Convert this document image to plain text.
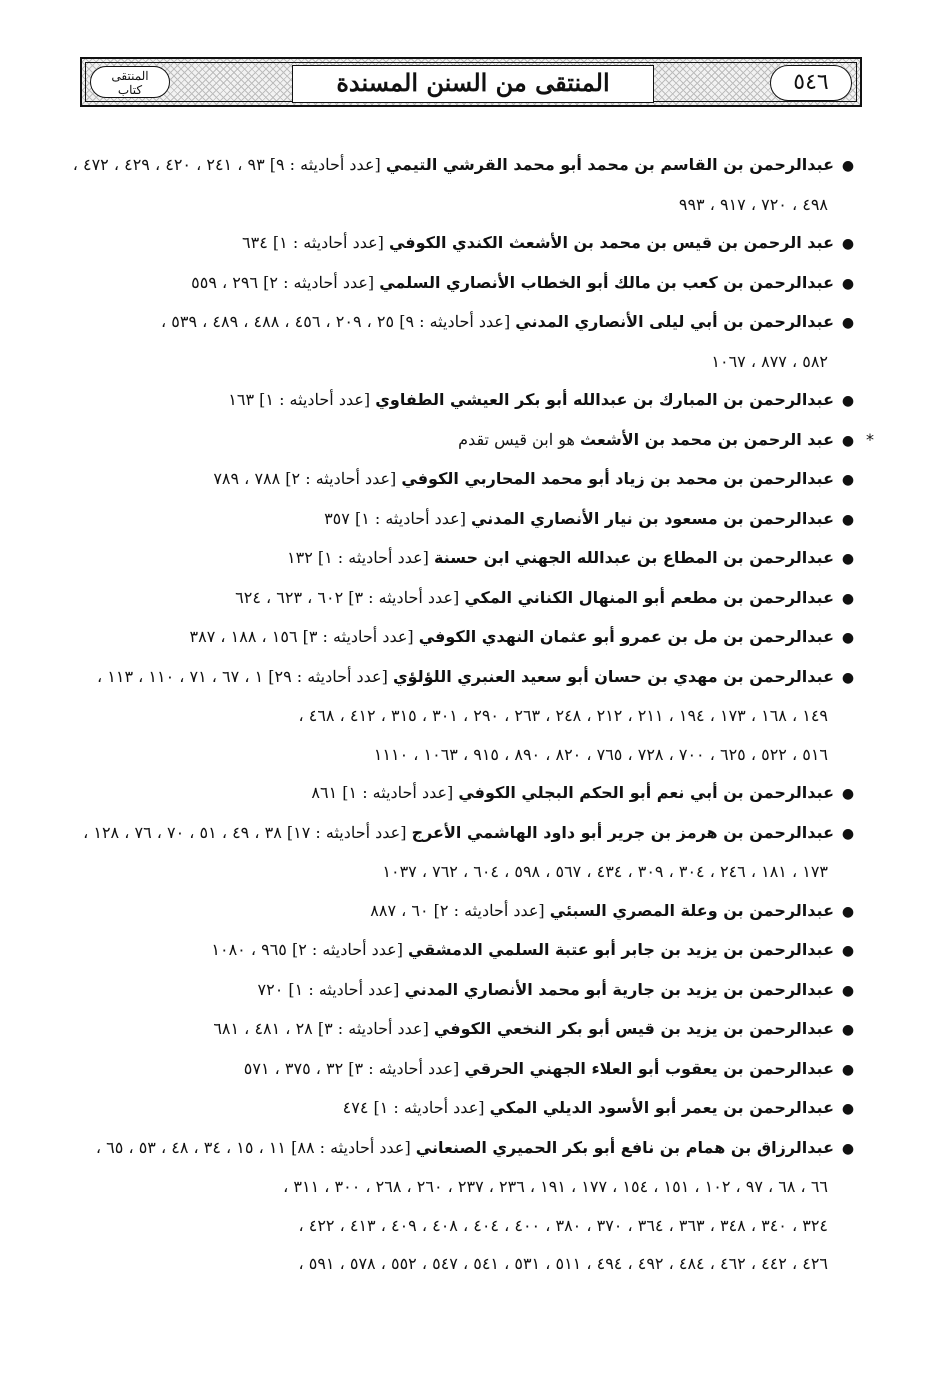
المنتقى
كتاب	المنتقى من السنن المسندة	٥٤٦
●عبدالرحمن بن القاسم بن محمد أبو محمد القرشي التيمي [عدد أحاديثه : ٩] ٩٣ ، ٢٤١ ، ٤٢٠ ، ٤٢٩ ، ٤٧٢ ،
٤٩٨ ، ٧٢٠ ، ٩١٧ ، ٩٩٣
●عبد الرحمن بن قيس بن محمد بن الأشعث الكندي الكوفي [عدد أحاديثه : ١] ٦٣٤
●عبدالرحمن بن كعب بن مالك أبو الخطاب الأنصاري السلمي [عدد أحاديثه : ٢] ٢٩٦ ، ٥٥٩
●عبدالرحمن بن أبي ليلى الأنصاري المدني [عدد أحاديثه : ٩] ٢٥ ، ٢٠٩ ، ٤٥٦ ، ٤٨٨ ، ٤٨٩ ، ٥٣٩ ،
٥٨٢ ، ٨٧٧ ، ١٠٦٧
●عبدالرحمن بن المبارك بن عبدالله أبو بكر العيشي الطفاوي [عدد أحاديثه : ١] ١٦٣
*
●عبد الرحمن بن محمد بن الأشعث هو ابن قيس تقدم
●عبدالرحمن بن محمد بن زياد أبو محمد المحاربي الكوفي [عدد أحاديثه : ٢] ٧٨٨ ، ٧٨٩
●عبدالرحمن بن مسعود بن نيار الأنصاري المدني [عدد أحاديثه : ١] ٣٥٧
●عبدالرحمن بن المطاع بن عبدالله الجهني ابن حسنة [عدد أحاديثه : ١] ١٣٢
●عبدالرحمن بن مطعم أبو المنهال الكناني المكي [عدد أحاديثه : ٣] ٦٠٢ ، ٦٢٣ ، ٦٢٤
●عبدالرحمن بن مل بن عمرو أبو عثمان النهدي الكوفي [عدد أحاديثه : ٣] ١٥٦ ، ١٨٨ ، ٣٨٧
●عبدالرحمن بن مهدي بن حسان أبو سعيد العنبري اللؤلؤي [عدد أحاديثه : ٢٩] ١ ، ٦٧ ، ٧١ ، ١١٠ ، ١١٣ ،
١٤٩ ، ١٦٨ ، ١٧٣ ، ١٩٤ ، ٢١١ ، ٢١٢ ، ٢٤٨ ، ٢٦٣ ، ٢٩٠ ، ٣٠١ ، ٣١٥ ، ٤١٢ ، ٤٦٨ ،
٥١٦ ، ٥٢٢ ، ٦٢٥ ، ٧٠٠ ، ٧٢٨ ، ٧٦٥ ، ٨٢٠ ، ٨٩٠ ، ٩١٥ ، ١٠٦٣ ، ١١١٠
●عبدالرحمن بن أبي نعم أبو الحكم البجلي الكوفي [عدد أحاديثه : ١] ٨٦١
●عبدالرحمن بن هرمز بن جرير أبو داود الهاشمي الأعرج [عدد أحاديثه : ١٧] ٣٨ ، ٤٩ ، ٥١ ، ٧٠ ، ٧٦ ، ١٢٨ ،
١٧٣ ، ١٨١ ، ٢٤٦ ، ٣٠٤ ، ٣٠٩ ، ٤٣٤ ، ٥٦٧ ، ٥٩٨ ، ٦٠٤ ، ٧٦٢ ، ١٠٣٧
●عبدالرحمن بن وعلة المصري السبئي [عدد أحاديثه : ٢] ٦٠ ، ٨٨٧
●عبدالرحمن بن يزيد بن جابر أبو عتبة السلمي الدمشقي [عدد أحاديثه : ٢] ٩٦٥ ، ١٠٨٠
●عبدالرحمن بن يزيد بن جارية أبو محمد الأنصاري المدني [عدد أحاديثه : ١] ٧٢٠
●عبدالرحمن بن يزيد بن قيس أبو بكر النخعي الكوفي [عدد أحاديثه : ٣] ٢٨ ، ٤٨١ ، ٦٨١
●عبدالرحمن بن يعقوب أبو العلاء الجهني الحرقي [عدد أحاديثه : ٣] ٣٢ ، ٣٧٥ ، ٥٧١
●عبدالرحمن بن يعمر أبو الأسود الديلي المكي [عدد أحاديثه : ١] ٤٧٤
●عبدالرزاق بن همام بن نافع أبو بكر الحميري الصنعاني [عدد أحاديثه : ٨٨] ١١ ، ١٥ ، ٣٤ ، ٤٨ ، ٥٣ ، ٦٥ ،
٦٦ ، ٦٨ ، ٩٧ ، ١٠٢ ، ١٥١ ، ١٥٤ ، ١٧٧ ، ١٩١ ، ٢٣٦ ، ٢٣٧ ، ٢٦٠ ، ٢٦٨ ، ٣٠٠ ، ٣١١ ،
٣٢٤ ، ٣٤٠ ، ٣٤٨ ، ٣٦٣ ، ٣٦٤ ، ٣٧٠ ، ٣٨٠ ، ٤٠٠ ، ٤٠٤ ، ٤٠٨ ، ٤٠٩ ، ٤١٣ ، ٤٢٢ ،
٤٢٦ ، ٤٤٢ ، ٤٦٢ ، ٤٨٤ ، ٤٩٢ ، ٤٩٤ ، ٥١١ ، ٥٣١ ، ٥٤١ ، ٥٤٧ ، ٥٥٢ ، ٥٧٨ ، ٥٩١ ،
